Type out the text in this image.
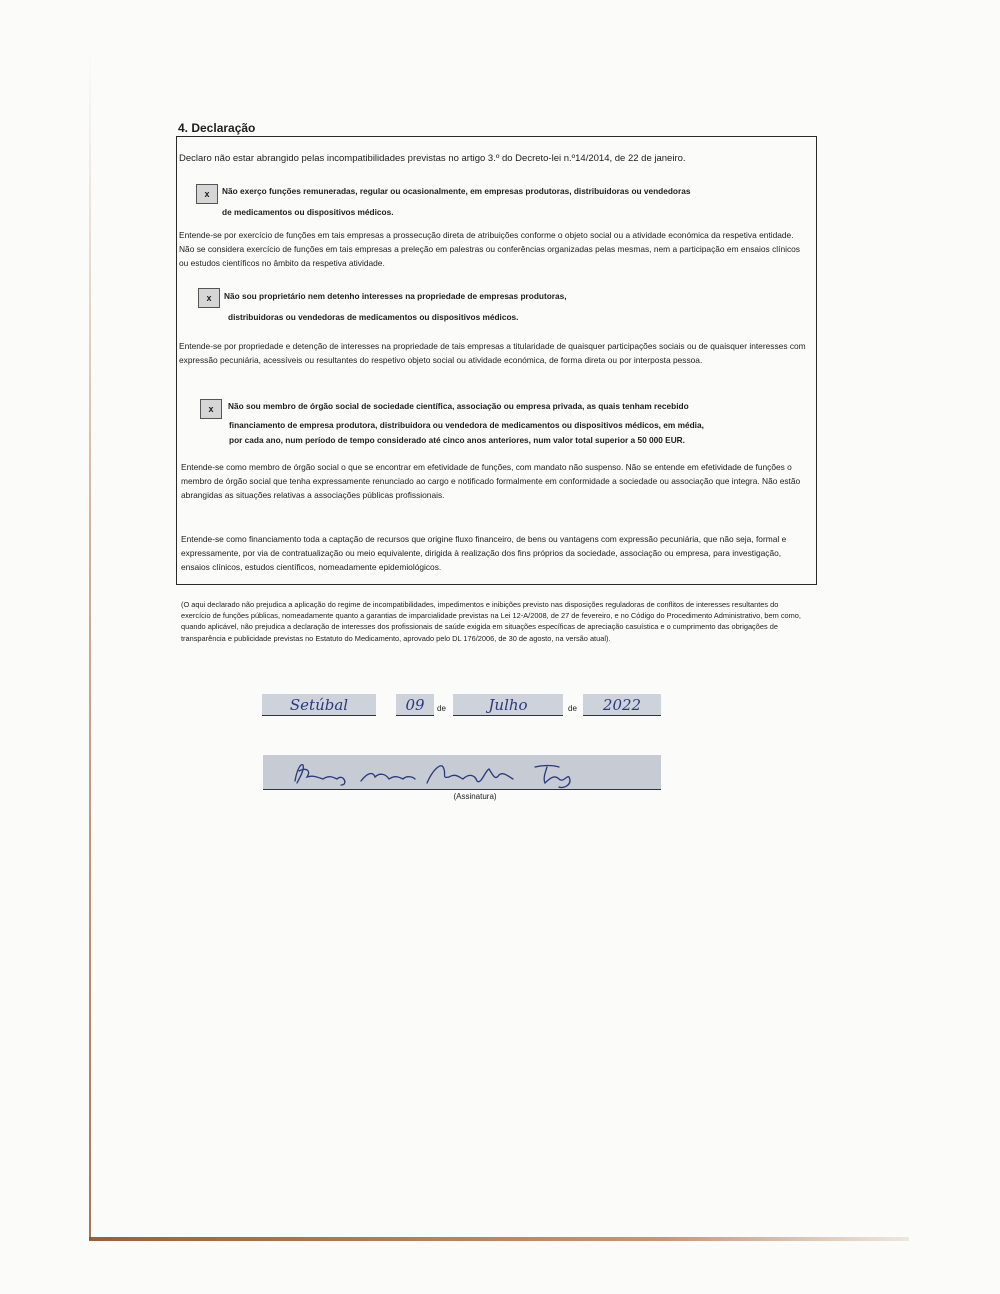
4. Declaração

Declaro não estar abrangido pelas incompatibilidades previstas no artigo 3.º do Decreto-lei n.º14/2014, de 22 de janeiro.

x Não exerço funções remuneradas, regular ou ocasionalmente, em empresas produtoras, distribuidoras ou vendedoras

de medicamentos ou dispositivos médicos.

Entende-se por exercício de funções em tais empresas a prossecução direta de atribuições conforme o objeto social ou a atividade económica da respetiva entidade. Não se considera exercício de funções em tais empresas a preleção em palestras ou conferências organizadas pelas mesmas, nem a participação em ensaios clínicos ou estudos científicos no âmbito da respetiva atividade.

x Não sou proprietário nem detenho interesses na propriedade de empresas produtoras,

distribuidoras ou vendedoras de medicamentos ou dispositivos médicos.

Entende-se por propriedade e detenção de interesses na propriedade de tais empresas a titularidade de quaisquer participações sociais ou de quaisquer interesses com expressão pecuniária, acessíveis ou resultantes do respetivo objeto social ou atividade económica, de forma direta ou por interposta pessoa.

x Não sou membro de órgão social de sociedade científica, associação ou empresa privada, as quais tenham recebido

financiamento de empresa produtora, distribuidora ou vendedora de medicamentos ou dispositivos médicos, em média,

por cada ano, num período de tempo considerado até cinco anos anteriores, num valor total superior a 50 000 EUR.

Entende-se como membro de órgão social o que se encontrar em efetividade de funções, com mandato não suspenso. Não se entende em efetividade de funções o membro de órgão social que tenha expressamente renunciado ao cargo e notificado formalmente em conformidade a sociedade ou associação que integra. Não estão abrangidas as situações relativas a associações públicas profissionais.

Entende-se como financiamento toda a captação de recursos que origine fluxo financeiro, de bens ou vantagens com expressão pecuniária, que não seja, formal e expressamente, por via de contratualização ou meio equivalente, dirigida à realização dos fins próprios da sociedade, associação ou empresa, para investigação, ensaios clínicos, estudos científicos, nomeadamente epidemiológicos.

(O aqui declarado não prejudica a aplicação do regime de incompatibilidades, impedimentos e inibições previsto nas disposições reguladoras de conflitos de interesses resultantes do exercício de funções públicas, nomeadamente quanto a garantias de imparcialidade previstas na Lei 12-A/2008, de 27 de fevereiro, e no Código do Procedimento Administrativo, bem como, quando aplicável, não prejudica a declaração de interesses dos profissionais de saúde exigida em situações específicas de apreciação casuística e o cumprimento das obrigações de transparência e publicidade previstas no Estatuto do Medicamento, aprovado pelo DL 176/2006, de 30 de agosto, na versão atual).

Setúbal	09	de	Julho	de	2022
(Assinatura)
